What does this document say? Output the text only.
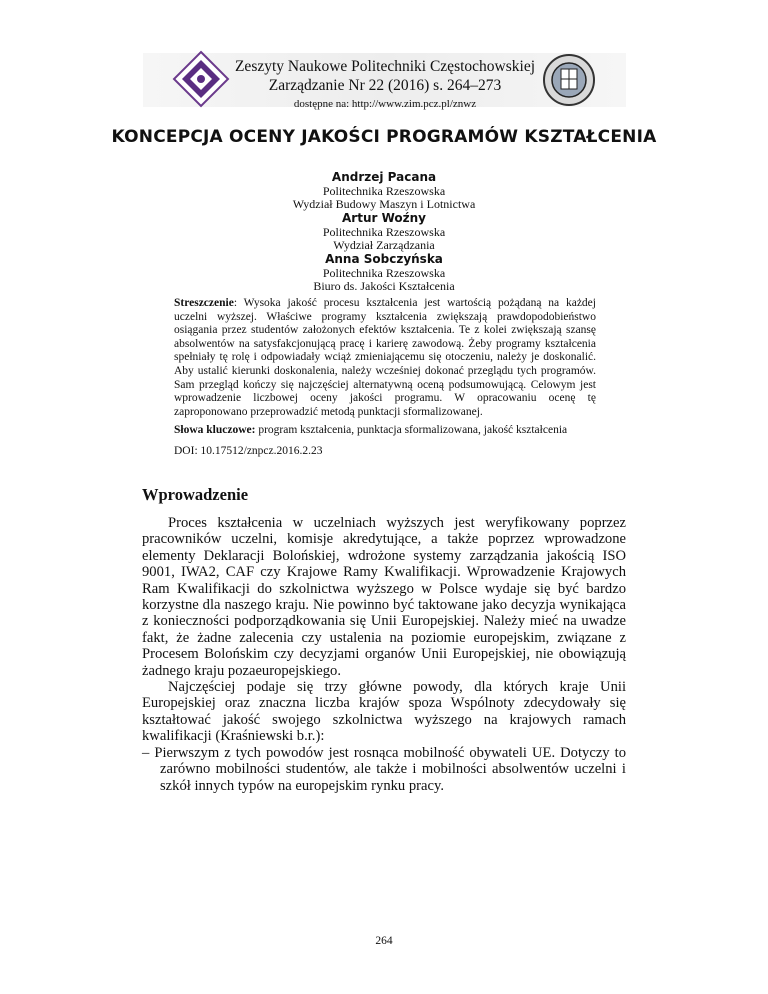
Zeszyty Naukowe Politechniki Częstochowskiej
Zarządzanie Nr 22 (2016) s. 264–273
dostępne na: http://www.zim.pcz.pl/znwz
KONCEPCJA OCENY JAKOŚCI PROGRAMÓW KSZTAŁCENIA
Andrzej Pacana
Politechnika Rzeszowska
Wydział Budowy Maszyn i Lotnictwa
Artur Woźny
Politechnika Rzeszowska
Wydział Zarządzania
Anna Sobczyńska
Politechnika Rzeszowska
Biuro ds. Jakości Kształcenia
Streszczenie: Wysoka jakość procesu kształcenia jest wartością pożądaną na każdej uczelni wyższej. Właściwe programy kształcenia zwiększają prawdopodobieństwo osiągania przez studentów założonych efektów kształcenia. Te z kolei zwiększają szansę absolwentów na satysfakcjonującą pracę i karierę zawodową. Żeby programy kształcenia spełniały tę rolę i odpowiadały wciąż zmieniającemu się otoczeniu, należy je doskonalić. Aby ustalić kierunki doskonalenia, należy wcześniej dokonać przeglądu tych programów. Sam przegląd kończy się najczęściej alternatywną oceną podsumowującą. Celowym jest wprowadzenie liczbowej oceny jakości programu. W opracowaniu ocenę tę zaproponowano przeprowadzić metodą punktacji sformalizowanej.
Słowa kluczowe: program kształcenia, punktacja sformalizowana, jakość kształcenia
DOI: 10.17512/znpcz.2016.2.23
Wprowadzenie

Proces kształcenia w uczelniach wyższych jest weryfikowany poprzez pracowników uczelni, komisje akredytujące, a także poprzez wprowadzone elementy Deklaracji Bolońskiej, wdrożone systemy zarządzania jakością ISO 9001, IWA2, CAF czy Krajowe Ramy Kwalifikacji. Wprowadzenie Krajowych Ram Kwalifikacji do szkolnictwa wyższego w Polsce wydaje się być bardzo korzystne dla naszego kraju. Nie powinno być taktowane jako decyzja wynikająca z konieczności podporządkowania się Unii Europejskiej. Należy mieć na uwadze fakt, że żadne zalecenia czy ustalenia na poziomie europejskim, związane z Procesem Bolońskim czy decyzjami organów Unii Europejskiej, nie obowiązują żadnego kraju pozaeuropejskiego.

Najczęściej podaje się trzy główne powody, dla których kraje Unii Europejskiej oraz znaczna liczba krajów spoza Wspólnoty zdecydowały się kształtować jakość swojego szkolnictwa wyższego na krajowych ramach kwalifikacji (Kraśniewski b.r.):

– Pierwszym z tych powodów jest rosnąca mobilność obywateli UE. Dotyczy to zarówno mobilności studentów, ale także i mobilności absolwentów uczelni i szkół innych typów na europejskim rynku pracy.
264
